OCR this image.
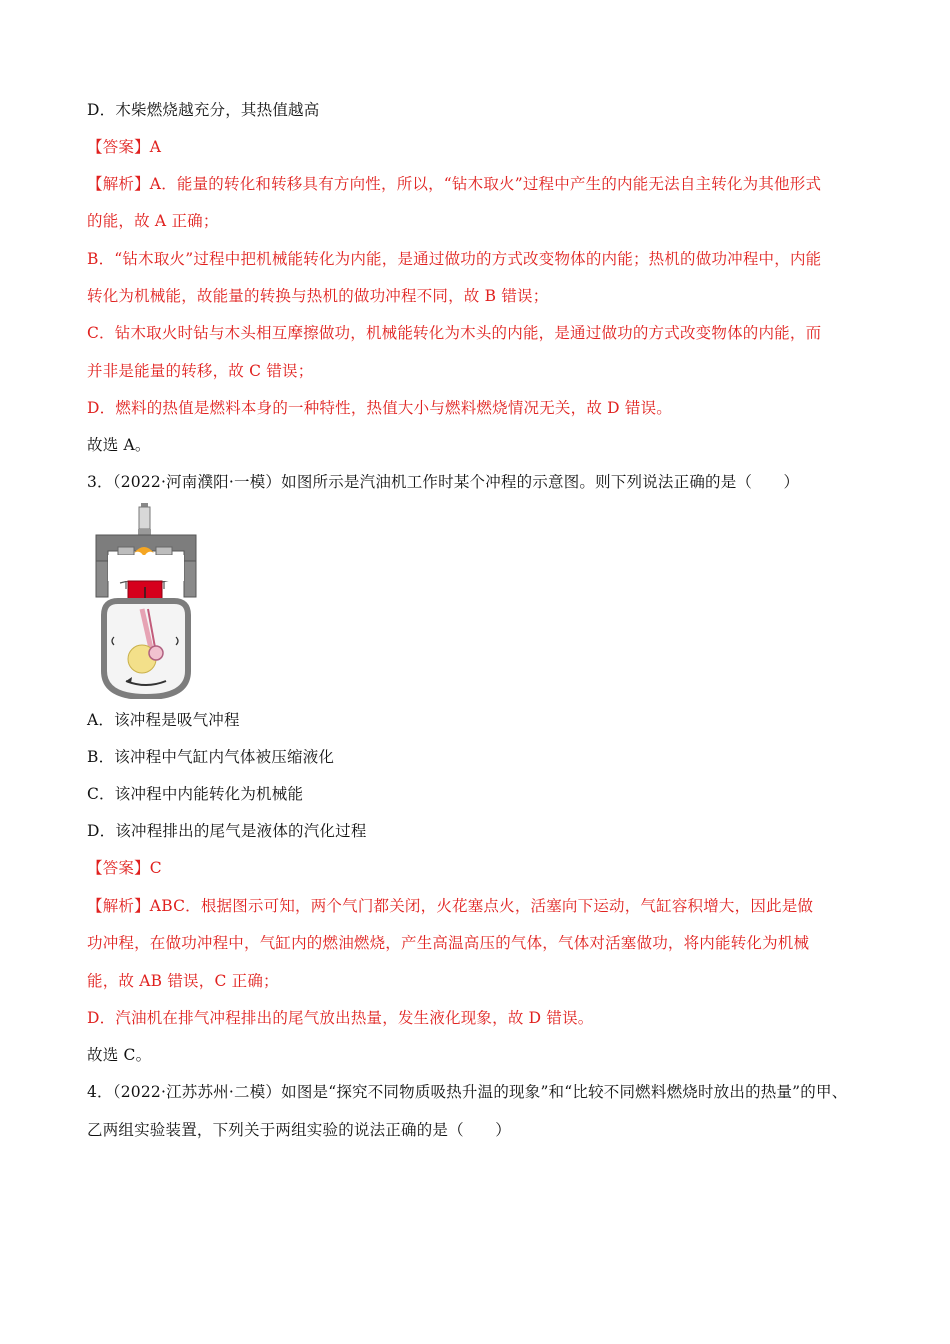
D．木柴燃烧越充分，其热值越高
【答案】A
【解析】A．能量的转化和转移具有方向性，所以，“钻木取火”过程中产生的内能无法自主转化为其他形式
的能，故 A 正确；
B．“钻木取火”过程中把机械能转化为内能，是通过做功的方式改变物体的内能；热机的做功冲程中，内能
转化为机械能，故能量的转换与热机的做功冲程不同，故 B 错误；
C．钻木取火时钻与木头相互摩擦做功，机械能转化为木头的内能，是通过做功的方式改变物体的内能，而
并非是能量的转移，故 C 错误；
D．燃料的热值是燃料本身的一种特性，热值大小与燃料燃烧情况无关，故 D 错误。
故选 A。
3．（2022·河南濮阳·一模）如图所示是汽油机工作时某个冲程的示意图。则下列说法正确的是（　　）
A．该冲程是吸气冲程
B．该冲程中气缸内气体被压缩液化
C．该冲程中内能转化为机械能
D．该冲程排出的尾气是液体的汽化过程
【答案】C
【解析】ABC．根据图示可知，两个气门都关闭，火花塞点火，活塞向下运动，气缸容积增大，因此是做
功冲程，在做功冲程中，气缸内的燃油燃烧，产生高温高压的气体，气体对活塞做功，将内能转化为机械
能，故 AB 错误，C 正确；
D．汽油机在排气冲程排出的尾气放出热量，发生液化现象，故 D 错误。
故选 C。
4．（2022·江苏苏州·二模）如图是“探究不同物质吸热升温的现象”和“比较不同燃料燃烧时放出的热量”的甲、
乙两组实验装置，下列关于两组实验的说法正确的是（　　）
